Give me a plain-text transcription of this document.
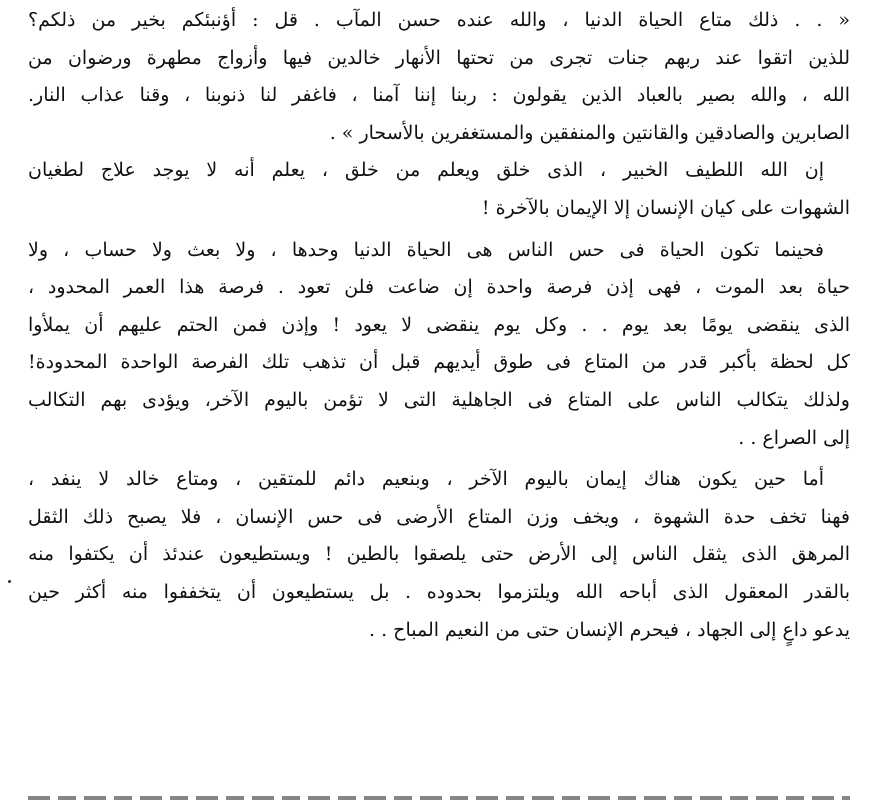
« . . ذلك متاع الحياة الدنيا ، والله عنده حسن المآب . قل : أؤنبئكم بخير من ذلكم؟
للذين اتقوا عند ربهم جنات تجرى من تحتها الأنهار خالدين فيها وأزواج مطهرة ورضوان من
الله ، والله بصير بالعباد الذين يقولون : ربنا إننا آمنا ، فاغفر لنا ذنوبنا ، وقنا عذاب النار.
الصابرين والصادقين والقانتين والمنفقين والمستغفرين بالأسحار » .
إن الله اللطيف الخبير ، الذى خلق ويعلم من خلق ، يعلم أنه لا يوجد علاج لطغيان
الشهوات على كيان الإنسان إلا الإيمان بالآخرة !
فحينما تكون الحياة فى حس الناس هى الحياة الدنيا وحدها ، ولا بعث ولا حساب ، ولا
حياة بعد الموت ، فهى إذن فرصة واحدة إن ضاعت فلن تعود . فرصة هذا العمر المحدود ،
الذى ينقضى يومًا بعد يوم . . وكل يوم ينقضى لا يعود ! وإذن فمن الحتم عليهم أن يملأوا
كل لحظة بأكبر قدر من المتاع فى طوق أيديهم قبل أن تذهب تلك الفرصة الواحدة المحدودة!
ولذلك يتكالب الناس على المتاع فى الجاهلية التى لا تؤمن باليوم الآخر، ويؤدى بهم التكالب
إلى الصراع . .
أما حين يكون هناك إيمان باليوم الآخر ، وبنعيم دائم للمتقين ، ومتاع خالد لا ينفد ،
فهنا تخف حدة الشهوة ، ويخف وزن المتاع الأرضى فى حس الإنسان ، فلا يصبح ذلك الثقل
المرهق الذى يثقل الناس إلى الأرض حتى يلصقوا بالطين ! ويستطيعون عندئذ أن يكتفوا منه
بالقدر المعقول الذى أباحه الله ويلتزموا بحدوده . بل يستطيعون أن يتخففوا منه أكثر حين
يدعو داعٍ إلى الجهاد ، فيحرم الإنسان حتى من النعيم المباح . .
